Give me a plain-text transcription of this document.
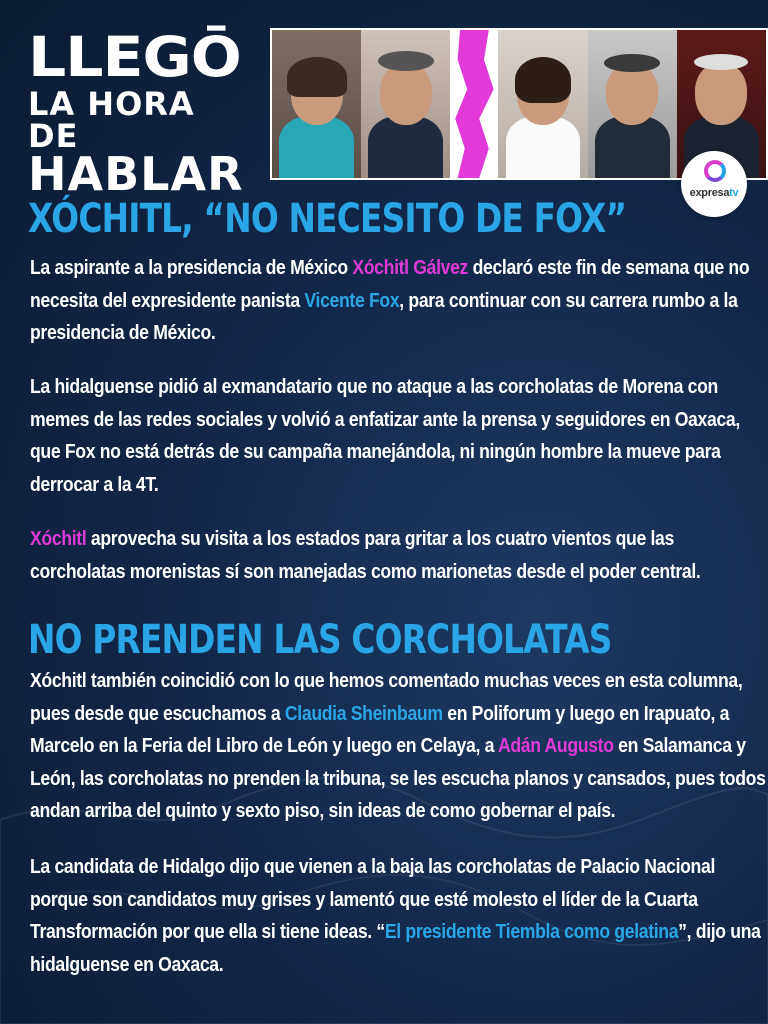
LLEGŌ
LA HORA DE
HABLAR	expresatv
XÓCHITL, “NO NECESITO DE FOX”
La aspirante a la presidencia de México Xóchitl Gálvez declaró este fin de semana que no necesita del expresidente panista Vicente Fox, para continuar con su carrera rumbo a la presidencia de México.
La hidalguense pidió al exmandatario que no ataque a las corcholatas de Morena con memes de las redes sociales y volvió a enfatizar ante la prensa y seguidores en Oaxaca, que Fox no está detrás de su campaña manejándola, ni ningún hombre la mueve para derrocar a la 4T.
Xóchitl aprovecha su visita a los estados para gritar a los cuatro vientos que las corcholatas morenistas sí son manejadas como marionetas desde el poder central.
NO PRENDEN LAS CORCHOLATAS
Xóchitl también coincidió con lo que hemos comentado muchas veces en esta columna, pues desde que escuchamos a Claudia Sheinbaum en Poliforum y luego en Irapuato, a Marcelo en la Feria del Libro de León y luego en Celaya, a Adán Augusto en Salamanca y León, las corcholatas no prenden la tribuna, se les escucha planos y cansados, pues todos andan arriba del quinto y sexto piso, sin ideas de como gobernar el país.
La candidata de Hidalgo dijo que vienen a la baja las corcholatas de Palacio Nacional porque son candidatos muy grises y lamentó que esté molesto el líder de la Cuarta Transformación por que ella si tiene ideas. “El presidente Tiembla como gelatina”, dijo una hidalguense en Oaxaca.
